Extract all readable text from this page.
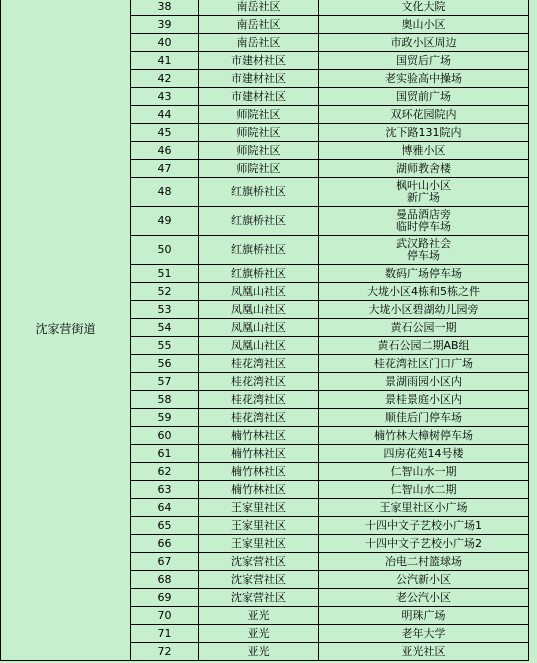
沈家营街道	38	南岳社区	文化大院

	39	南岳社区	奥山小区

	40	南岳社区	市政小区周边

	41	市建材社区	国贸后广场

	42	市建材社区	老实验高中操场

	43	市建材社区	国贸前广场

	44	师院社区	双环花园院内

	45	师院社区	沈下路131院内

	46	师院社区	博雅小区

	47	师院社区	湖师教舍楼

	48	红旗桥社区	枫叶山小区
新广场

	49	红旗桥社区	曼品酒店旁
临时停车场

	50	红旗桥社区	武汉路社会
停车场

	51	红旗桥社区	数码广场停车场

	52	凤凰山社区	大垅小区4栋和5栋之件

	53	凤凰山社区	大垅小区碧湖幼儿园旁

	54	凤凰山社区	黄石公园一期

	55	凤凰山社区	黄石公园二期AB组

	56	桂花湾社区	桂花湾社区门口广场

	57	桂花湾社区	景湖雨园小区内

	58	桂花湾社区	景桂景庭小区内

	59	桂花湾社区	顺佳后门停车场

	60	楠竹林社区	楠竹林大樟树停车场

	61	楠竹林社区	四房花苑14号楼

	62	楠竹林社区	仁智山水一期

	63	楠竹林社区	仁智山水二期

	64	王家里社区	王家里社区小广场

	65	王家里社区	十四中文子艺校小广场1

	66	王家里社区	十四中文子艺校小广场2

	67	沈家营社区	冶电二村篮球场

	68	沈家营社区	公汽新小区

	69	沈家营社区	老公汽小区

	70	亚光	明珠广场

	71	亚光	老年大学

	72	亚光	亚光社区
